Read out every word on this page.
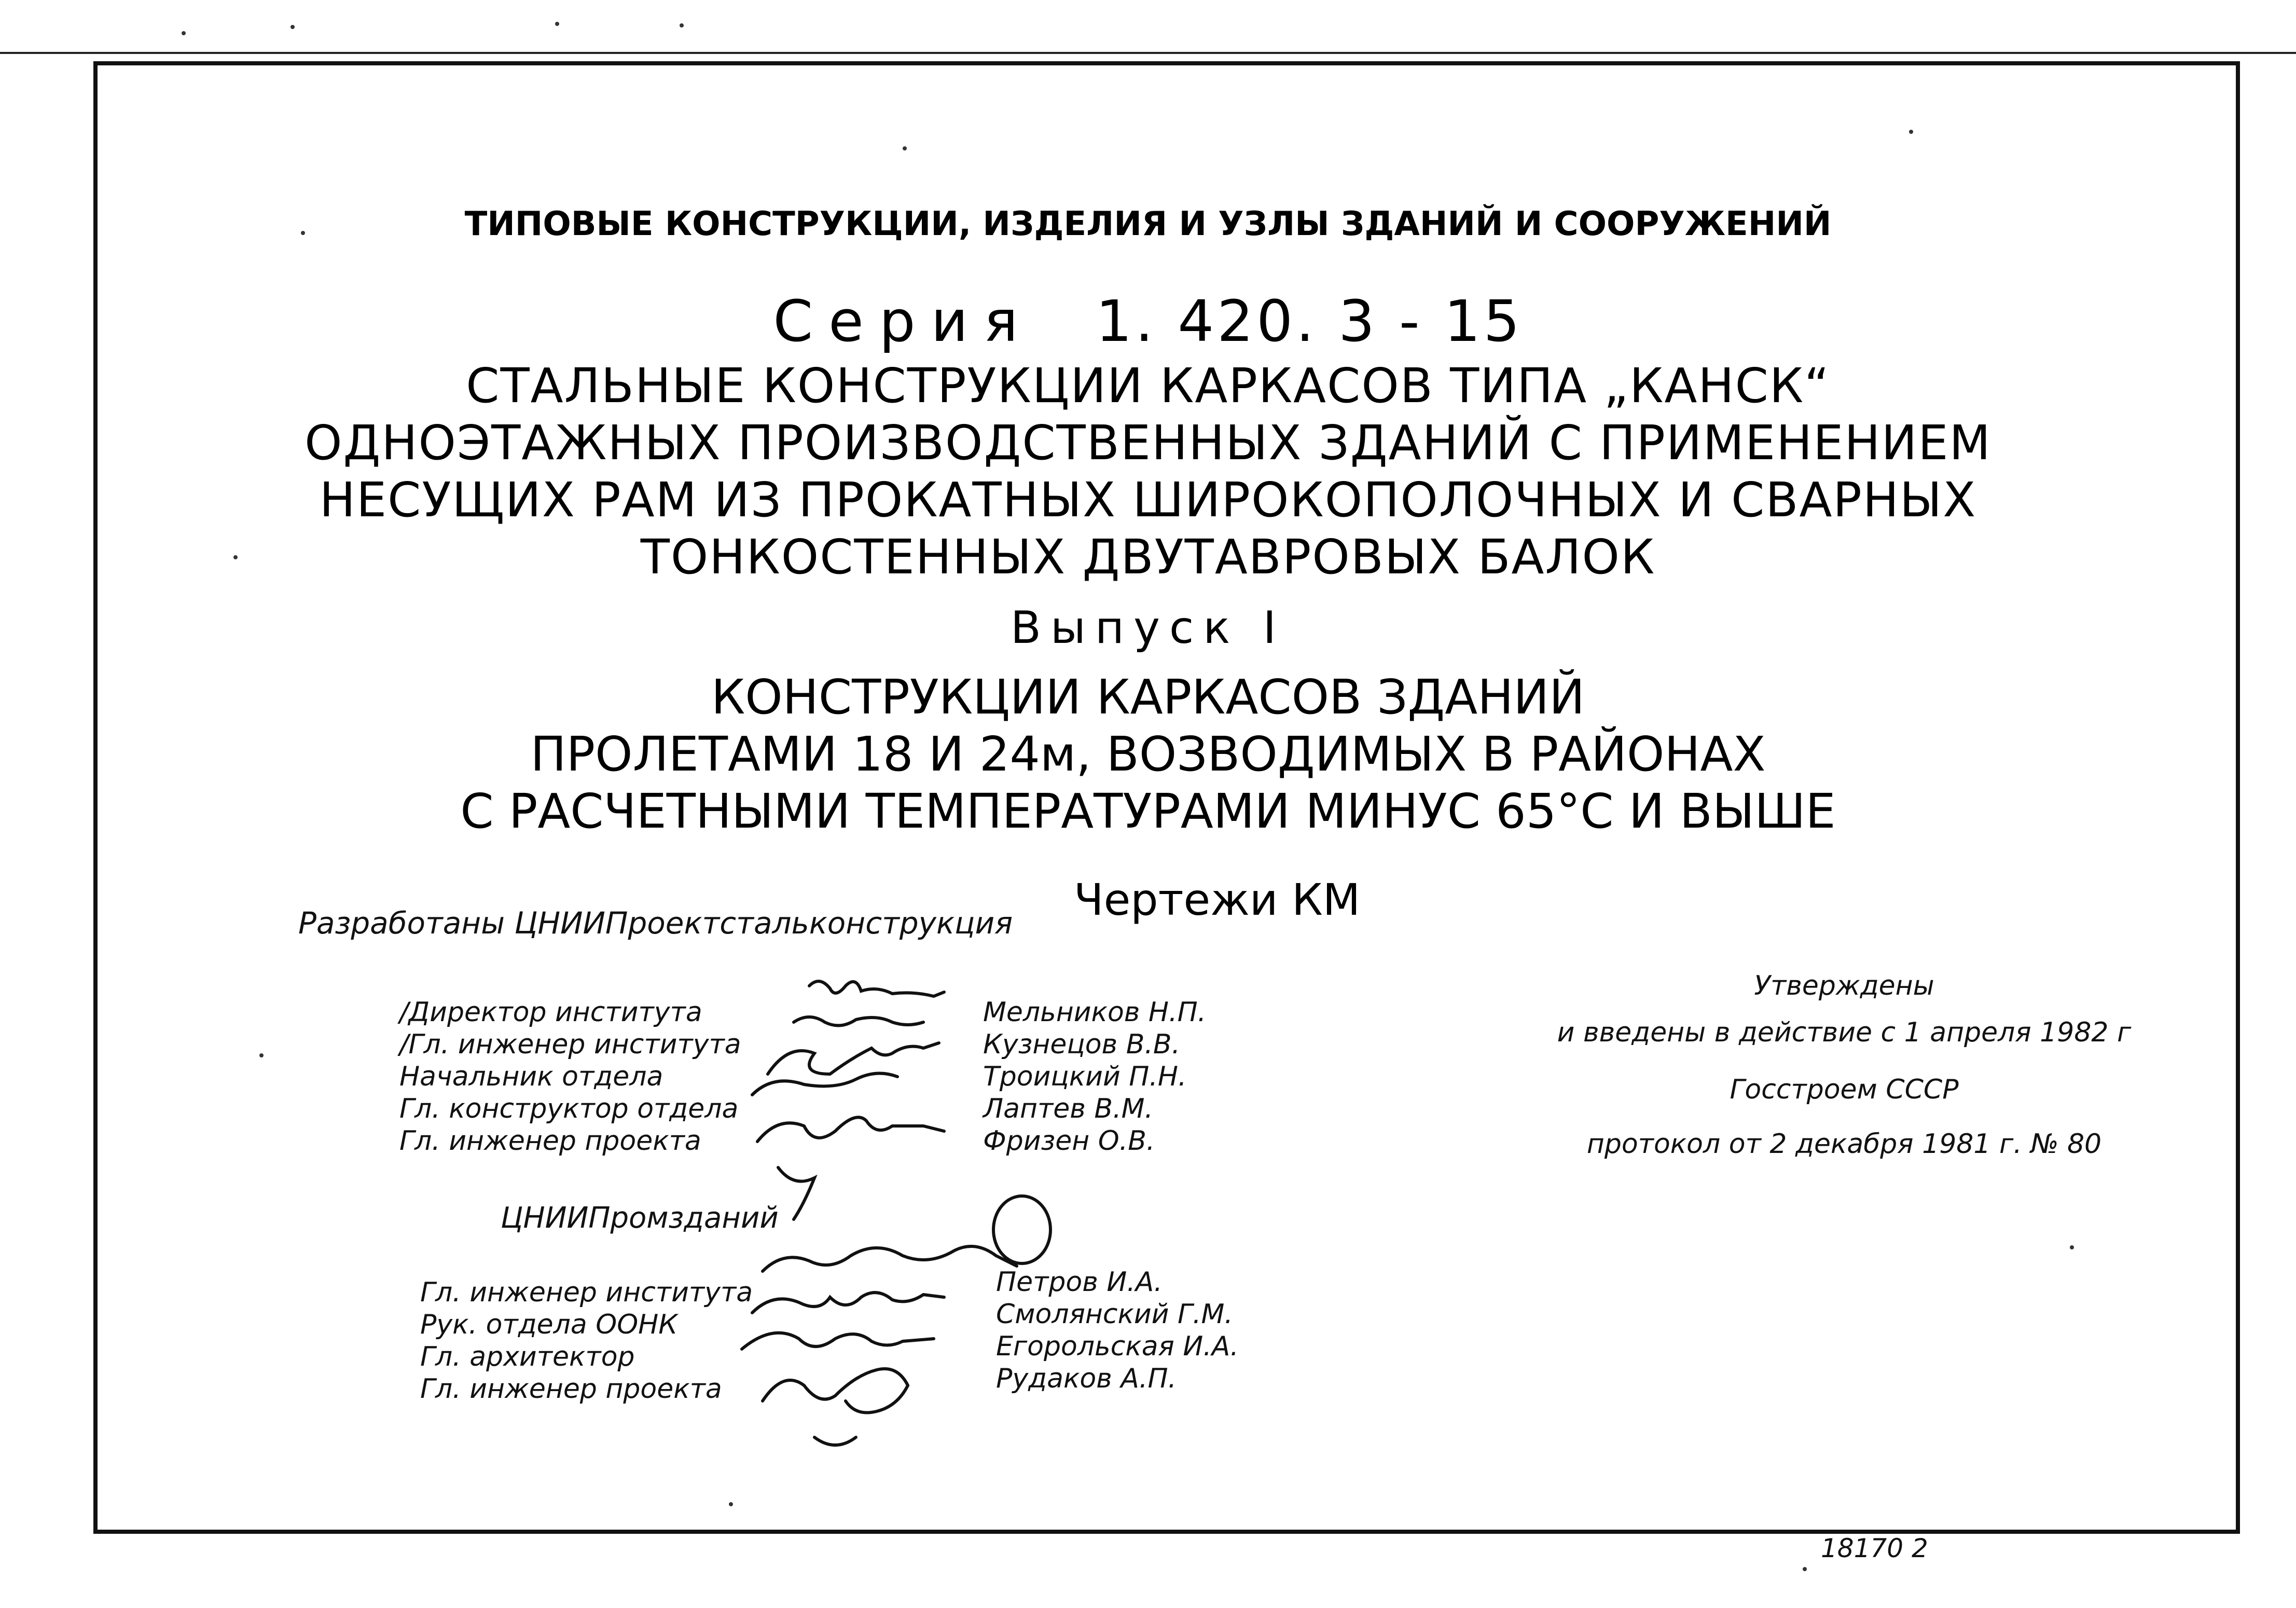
ТИПОВЫЕ КОНСТРУКЦИИ, ИЗДЕЛИЯ И УЗЛЫ ЗДАНИЙ И СООРУЖЕНИЙ
Серия 1. 420. 3 - 15
СТАЛЬНЫЕ КОНСТРУКЦИИ КАРКАСОВ ТИПА „КАНСК“
ОДНОЭТАЖНЫХ ПРОИЗВОДСТВЕННЫХ ЗДАНИЙ С ПРИМЕНЕНИЕМ
НЕСУЩИХ РАМ ИЗ ПРОКАТНЫХ ШИРОКОПОЛОЧНЫХ И СВАРНЫХ
ТОНКОСТЕННЫХ ДВУТАВРОВЫХ БАЛОК
Выпуск I
КОНСТРУКЦИИ КАРКАСОВ ЗДАНИЙ
ПРОЛЕТАМИ 18 И 24м, ВОЗВОДИМЫХ В РАЙОНАХ
С РАСЧЕТНЫМИ ТЕМПЕРАТУРАМИ МИНУС 65°С И ВЫШЕ
Чертежи КМ
Разработаны ЦНИИПроектстальконструкция
/Директор института
/Гл. инженер института
Начальник отдела
Гл. конструктор отдела
Гл. инженер проекта
Мельников Н.П.
Кузнецов В.В.
Троицкий П.Н.
Лаптев В.М.
Фризен О.В.
ЦНИИПромзданий
Гл. инженер института
Рук. отдела ООНК
Гл. архитектор
Гл. инженер проекта
Петров И.А.
Смолянский Г.М.
Егорольская И.А.
Рудаков А.П.
Утверждены
и введены в действие с 1 апреля 1982 г
Госстроем СССР
протокол от 2 декабря 1981 г. № 80
18170 2
